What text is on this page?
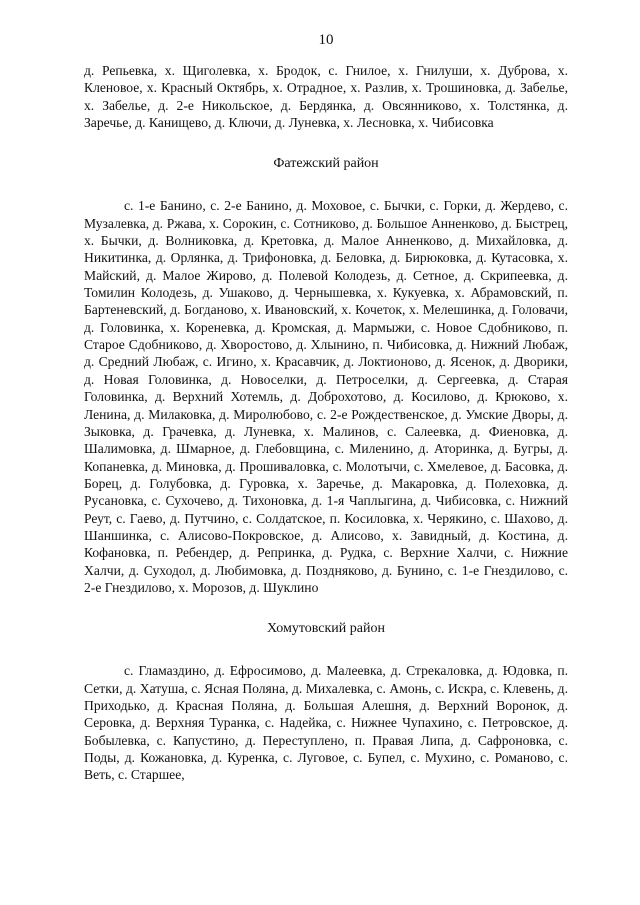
10

д. Репьевка, х. Щиголевка, х. Бродок, с. Гнилое, х. Гнилуши, х. Дуброва, х. Кленовое, х. Красный Октябрь, х. Отрадное, х. Разлив, х. Трошиновка, д. Забелье, х. Забелье, д. 2-е Никольское, д. Бердянка, д. Овсянниково, х. Толстянка, д. Заречье, д. Канищево, д. Ключи, д. Луневка, х. Лесновка, х. Чибисовка

Фатежский район

с. 1-е Банино, с. 2-е Банино, д. Моховое, с. Бычки, с. Горки, д. Жердево, с. Музалевка, д. Ржава, х. Сорокин, с. Сотниково, д. Большое Анненково, д. Быстрец, х. Бычки, д. Волниковка, д. Кретовка, д. Малое Анненково, д. Михайловка, д. Никитинка, д. Орлянка, д. Трифоновка, д. Беловка, д. Бирюковка, д. Кутасовка, х. Майский, д. Малое Жирово, д. Полевой Колодезь, д. Сетное, д. Скрипеевка, д. Томилин Колодезь, д. Ушаково, д. Чернышевка, х. Кукуевка, х. Абрамовский, п. Бартеневский, д. Богданово, х. Ивановский, х. Кочеток, х. Мелешинка, д. Головачи, д. Головинка, х. Кореневка, д. Кромская, д. Мармыжи, с. Новое Сдобниково, п. Старое Сдобниково, д. Хворостово, д. Хлынино, п. Чибисовка, д. Нижний Любаж, д. Средний Любаж, с. Игино, х. Красавчик, д. Локтионово, д. Ясенок, д. Дворики, д. Новая Головинка, д. Новоселки, д. Петроселки, д. Сергеевка, д. Старая Головинка, д. Верхний Хотемль, д. Доброхотово, д. Косилово, д. Крюково, х. Ленина, д. Милаковка, д. Миролюбово, с. 2-е Рождественское, д. Умские Дворы, д. Зыковка, д. Грачевка, д. Луневка, х. Малинов, с. Салеевка, д. Фиеновка, д. Шалимовка, д. Шмарное, д. Глебовщина, с. Миленино, д. Аторинка, д. Бугры, д. Копаневка, д. Миновка, д. Прошиваловка, с. Молотычи, с. Хмелевое, д. Басовка, д. Борец, д. Голубовка, д. Гуровка, х. Заречье, д. Макаровка, д. Полеховка, д. Русановка, с. Сухочево, д. Тихоновка, д. 1-я Чаплыгина, д. Чибисовка, с. Нижний Реут, с. Гаево, д. Путчино, с. Солдатское, п. Косиловка, х. Черякино, с. Шахово, д. Шаншинка, с. Алисово-Покровское, д. Алисово, х. Завидный, д. Костина, д. Кофановка, п. Ребендер, д. Репринка, д. Рудка, с. Верхние Халчи, с. Нижние Халчи, д. Суходол, д. Любимовка, д. Поздняково, д. Бунино, с. 1-е Гнездилово, с. 2-е Гнездилово, х. Морозов, д. Шуклино

Хомутовский район

с. Гламаздино, д. Ефросимово, д. Малеевка, д. Стрекаловка, д. Юдовка, п. Сетки, д. Хатуша, с. Ясная Поляна, д. Михалевка, с. Амонь, с. Искра, с. Клевень, д. Приходько, д. Красная Поляна, д. Большая Алешня, д. Верхний Воронок, д. Серовка, д. Верхняя Туранка, с. Надейка, с. Нижнее Чупахино, с. Петровское, д. Бобылевка, с. Капустино, д. Переступлено, п. Правая Липа, д. Сафроновка, с. Поды, д. Кожановка, д. Куренка, с. Луговое, с. Бупел, с. Мухино, с. Романово, с. Веть, с. Старшее,
